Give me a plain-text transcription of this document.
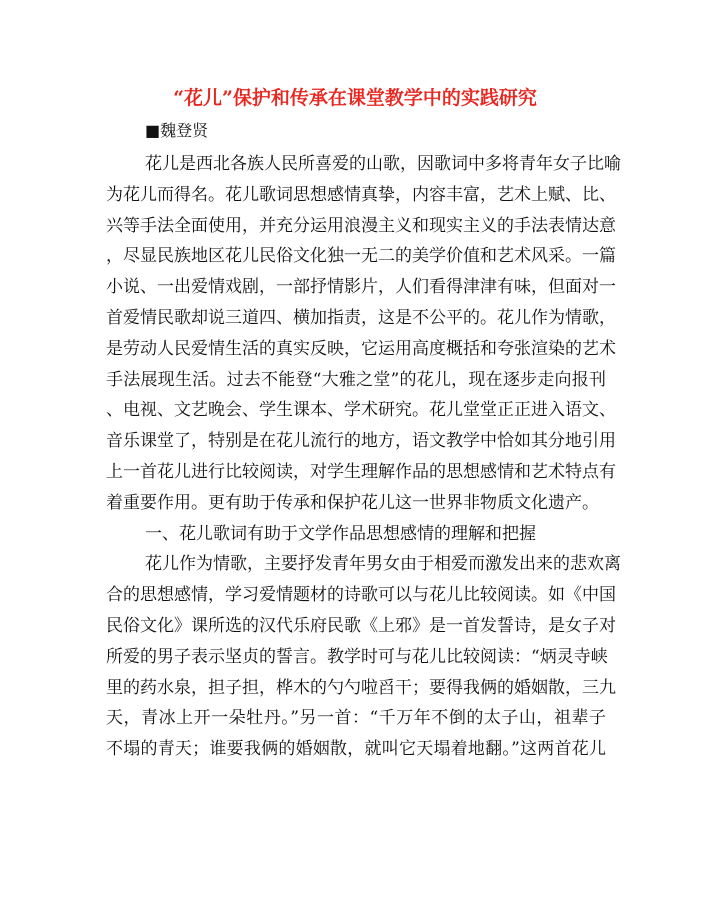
“花儿”保护和传承在课堂教学中的实践研究
■魏登贤
花儿是西北各族人民所喜爱的山歌，因歌词中多将青年女子比喻
为花儿而得名。花儿歌词思想感情真挚，内容丰富，艺术上赋、比、
兴等手法全面使用，并充分运用浪漫主义和现实主义的手法表情达意
，尽显民族地区花儿民俗文化独一无二的美学价值和艺术风采。一篇
小说、一出爱情戏剧，一部抒情影片，人们看得津津有味，但面对一
首爱情民歌却说三道四、横加指责，这是不公平的。花儿作为情歌，
是劳动人民爱情生活的真实反映，它运用高度概括和夸张渲染的艺术
手法展现生活。过去不能登“大雅之堂”的花儿，现在逐步走向报刊
、电视、文艺晚会、学生课本、学术研究。花儿堂堂正正进入语文、
音乐课堂了，特别是在花儿流行的地方，语文教学中恰如其分地引用
上一首花儿进行比较阅读，对学生理解作品的思想感情和艺术特点有
着重要作用。更有助于传承和保护花儿这一世界非物质文化遗产。
一、花儿歌词有助于文学作品思想感情的理解和把握
花儿作为情歌，主要抒发青年男女由于相爱而激发出来的悲欢离
合的思想感情，学习爱情题材的诗歌可以与花儿比较阅读。如《中国
民俗文化》课所选的汉代乐府民歌《上邪》是一首发誓诗，是女子对
所爱的男子表示坚贞的誓言。教学时可与花儿比较阅读：“炳灵寺峡
里的药水泉，担子担，桦木的勺勺啦舀干；要得我俩的婚姻散，三九
天，青冰上开一朵牡丹。”另一首：“千万年不倒的太子山，祖辈子
不塌的青天；谁要我俩的婚姻散，就叫它天塌着地翻。”这两首花儿
